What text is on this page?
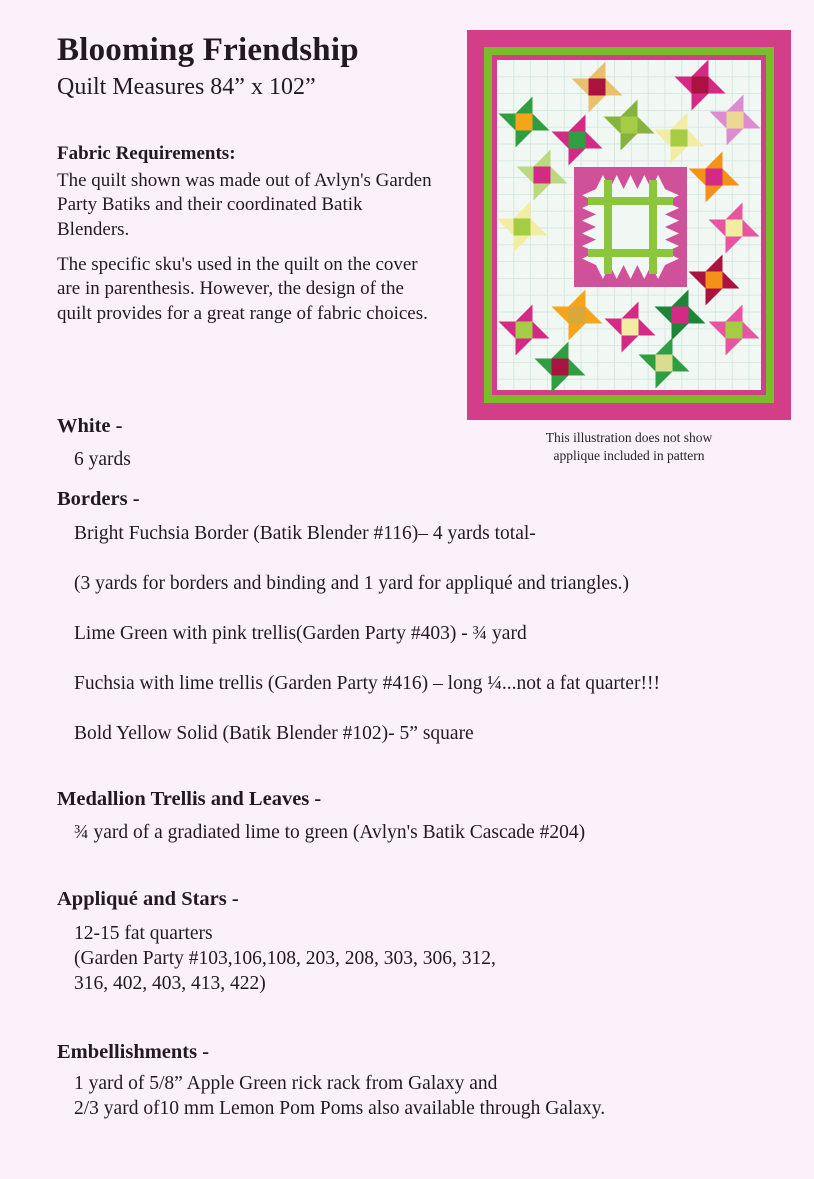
Blooming Friendship
Quilt Measures 84” x 102”
Fabric Requirements:

The quilt shown was made out of Avlyn's Garden Party Batiks and their coordinated Batik Blenders.

The specific sku's used in the quilt on the cover are in parenthesis. However, the design of the quilt provides for a great range of fabric choices.

This illustration does not show
applique included in pattern
White -
6 yards
Borders -
Bright Fuchsia Border (Batik Blender #116)– 4 yards total-
(3 yards for borders and binding and 1 yard for appliqué and triangles.)
Lime Green with pink trellis(Garden Party #403) - ¾ yard
Fuchsia with lime trellis (Garden Party #416) – long ¼...not a fat quarter!!!
Bold Yellow Solid (Batik Blender #102)- 5” square
Medallion Trellis and Leaves -
¾ yard of a gradiated lime to green (Avlyn's Batik Cascade #204)
Appliqué and Stars -
12-15 fat quarters
(Garden Party #103,106,108, 203, 208, 303, 306, 312,
316, 402, 403, 413, 422)
Embellishments -
1 yard of 5/8” Apple Green rick rack from Galaxy and
2/3 yard of10 mm Lemon Pom Poms also available through Galaxy.
